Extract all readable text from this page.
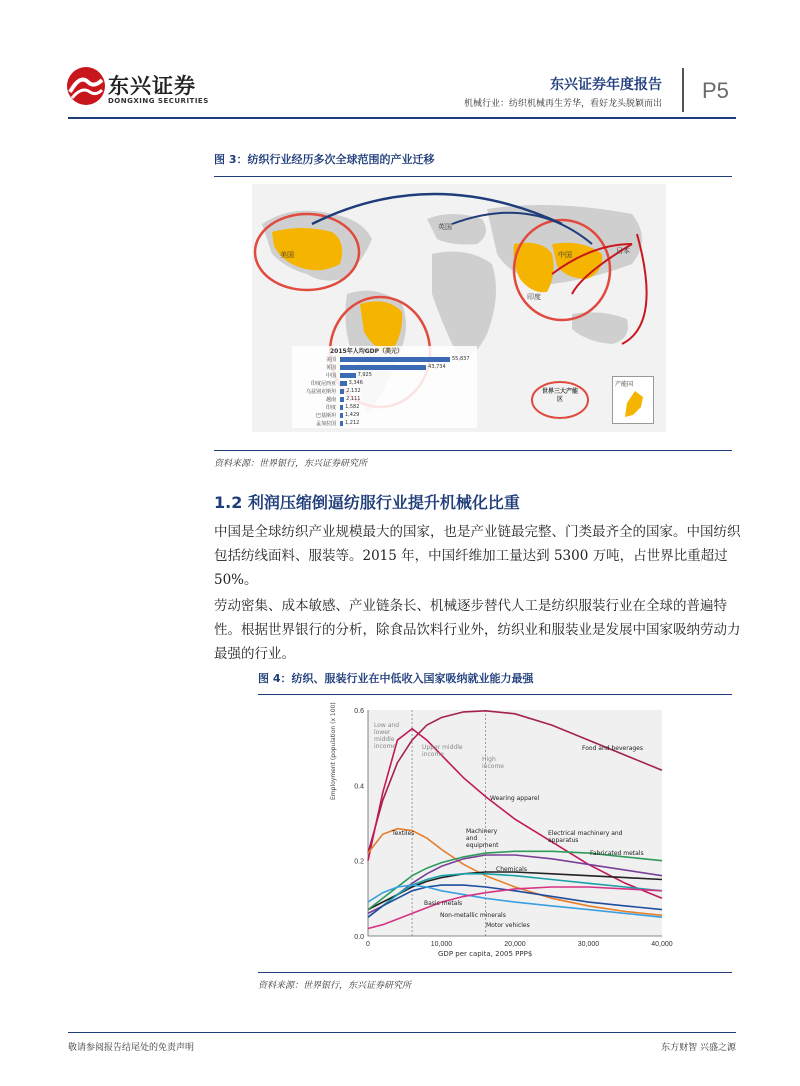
东兴证券
DONGXING SECURITIES
东兴证券年度报告
机械行业：纺织机械再生芳华，看好龙头脱颖而出
P5
图 3：纺织行业经历多次全球范围的产业迁移
美国
英国
日本
中国
印度
2015年人均GDP（美元）
美国	55,837
英国	43,734
中国	7,925
印度尼西亚	3,346
乌兹别克斯坦 2,132
越南 2,111
印度 1,582
巴基斯坦 1,429
孟加拉国 1,212
世界三大产能区
产能国
资料来源：世界银行，东兴证券研究所
1.2 利润压缩倒逼纺服行业提升机械化比重
中国是全球纺织产业规模最大的国家，也是产业链最完整、门类最齐全的国家。中国纺织包括纺线面料、服装等。2015 年，中国纤维加工量达到 5300 万吨，占世界比重超过 50%。
劳动密集、成本敏感、产业链条长、机械逐步替代人工是纺织服装行业在全球的普遍特性。根据世界银行的分析，除食品饮料行业外，纺织业和服装业是发展中国家吸纳劳动力最强的行业。
图 4：纺织、服装行业在中低收入国家吸纳就业能力最强
0	10,000	20,000	30,000	40,000
0.0
0.2
0.4
0.6
GDP per capita, 2005 PPP$
Employment (population (x 100)	Low and lower middle income	Upper middle income
High income
Food and beverages
Wearing apparel
Textiles	Machinery and equipment
Electrical machinery and apparatus
Fabricated metals
Chemicals
Basic metals
Non-metallic minerals
Motor vehicles
资料来源：世界银行，东兴证券研究所
敬请参阅报告结尾处的免责声明	东方财智 兴盛之源
